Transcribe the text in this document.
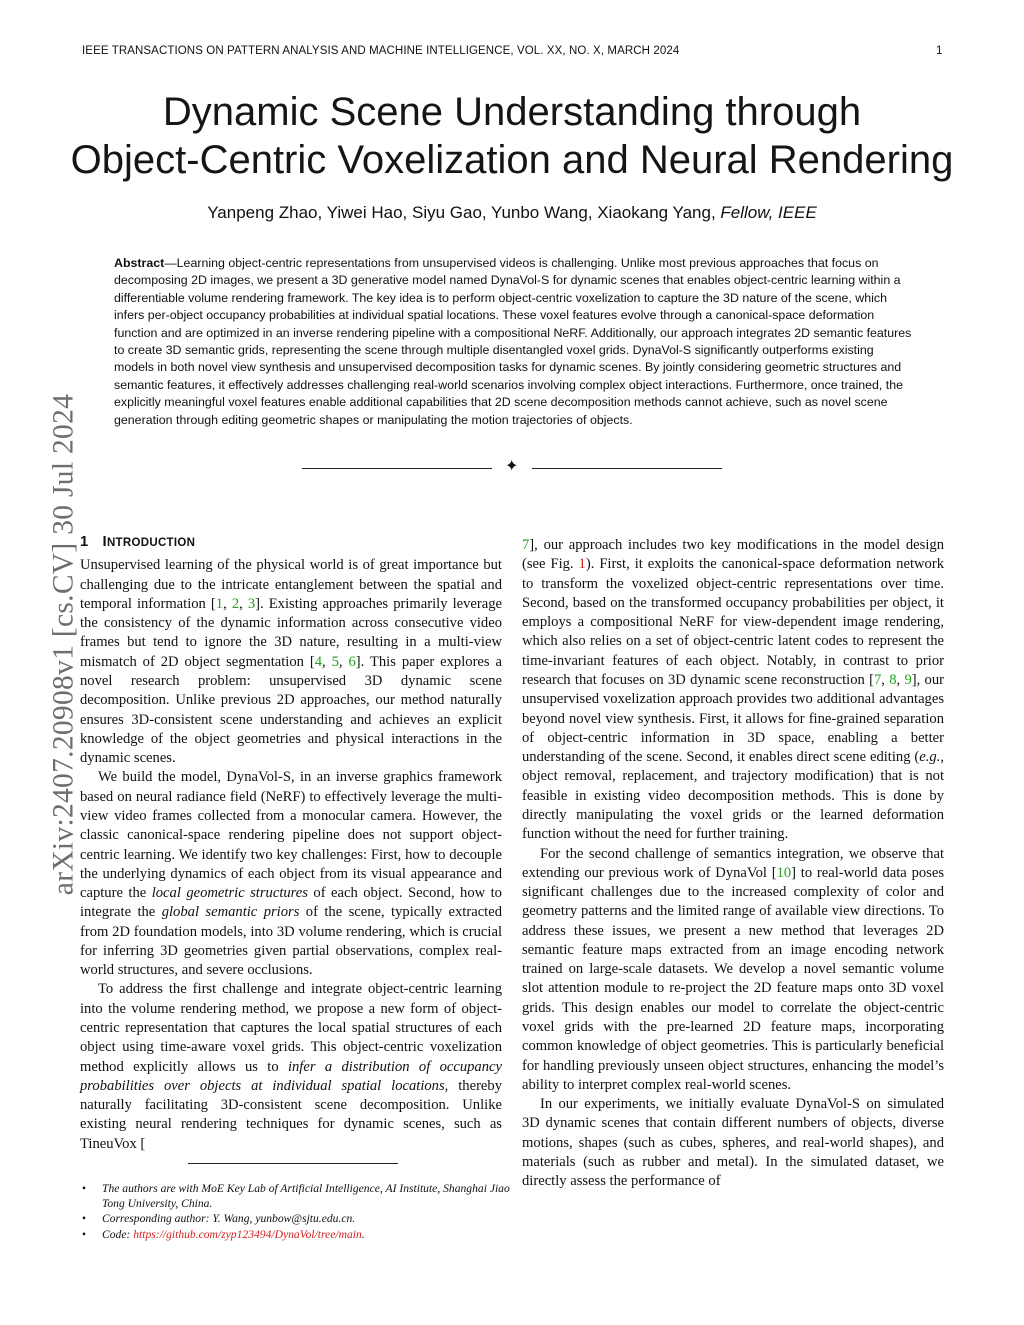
IEEE TRANSACTIONS ON PATTERN ANALYSIS AND MACHINE INTELLIGENCE, VOL. XX, NO. X, MARCH 2024	1
Dynamic Scene Understanding through
Object-Centric Voxelization and Neural Rendering
Yanpeng Zhao, Yiwei Hao, Siyu Gao, Yunbo Wang, Xiaokang Yang, Fellow, IEEE
Abstract—Learning object-centric representations from unsupervised videos is challenging. Unlike most previous approaches that focus on decomposing 2D images, we present a 3D generative model named DynaVol-S for dynamic scenes that enables object-centric learning within a differentiable volume rendering framework. The key idea is to perform object-centric voxelization to capture the 3D nature of the scene, which infers per-object occupancy probabilities at individual spatial locations. These voxel features evolve through a canonical-space deformation function and are optimized in an inverse rendering pipeline with a compositional NeRF. Additionally, our approach integrates 2D semantic features to create 3D semantic grids, representing the scene through multiple disentangled voxel grids. DynaVol-S significantly outperforms existing models in both novel view synthesis and unsupervised decomposition tasks for dynamic scenes. By jointly considering geometric structures and semantic features, it effectively addresses challenging real-world scenarios involving complex object interactions. Furthermore, once trained, the explicitly meaningful voxel features enable additional capabilities that 2D scene decomposition methods cannot achieve, such as novel scene generation through editing geometric shapes or manipulating the motion trajectories of objects.
✦
arXiv:2407.20908v1 [cs.CV] 30 Jul 2024 1 INTRODUCTION

Unsupervised learning of the physical world is of great importance but challenging due to the intricate entanglement between the spatial and temporal information [1, 2, 3]. Existing approaches primarily leverage the consistency of the dynamic information across consecutive video frames but tend to ignore the 3D nature, resulting in a multi-view mismatch of 2D object segmentation [4, 5, 6]. This paper explores a novel research problem: unsupervised 3D dynamic scene decomposition. Unlike previous 2D approaches, our method naturally ensures 3D-consistent scene understanding and achieves an explicit knowledge of the object geometries and physical interactions in the dynamic scenes.

We build the model, DynaVol-S, in an inverse graphics framework based on neural radiance field (NeRF) to effectively leverage the multi-view video frames collected from a monocular camera. However, the classic canonical-space rendering pipeline does not support object-centric learning. We identify two key challenges: First, how to decouple the underlying dynamics of each object from its visual appearance and capture the local geometric structures of each object. Second, how to integrate the global semantic priors of the scene, typically extracted from 2D foundation models, into 3D volume rendering, which is crucial for inferring 3D geometries given partial observations, complex real-world structures, and severe occlusions.

To address the first challenge and integrate object-centric learning into the volume rendering method, we propose a new form of object-centric representation that captures the local spatial structures of each object using time-aware voxel grids. This object-centric voxelization method explicitly allows us to infer a distribution of occupancy probabilities over objects at individual spatial locations, thereby naturally facilitating 3D-consistent scene decomposition. Unlike existing neural rendering techniques for dynamic scenes, such as TineuVox [

7], our approach includes two key modifications in the model design (see Fig. 1). First, it exploits the canonical-space deformation network to transform the voxelized object-centric representations over time. Second, based on the transformed occupancy probabilities per object, it employs a compositional NeRF for view-dependent image rendering, which also relies on a set of object-centric latent codes to represent the time-invariant features of each object. Notably, in contrast to prior research that focuses on 3D dynamic scene reconstruction [7, 8, 9], our unsupervised voxelization approach provides two additional advantages beyond novel view synthesis. First, it allows for fine-grained separation of object-centric information in 3D space, enabling a better understanding of the scene. Second, it enables direct scene editing (e.g., object removal, replacement, and trajectory modification) that is not feasible in existing video decomposition methods. This is done by directly manipulating the voxel grids or the learned deformation function without the need for further training.

For the second challenge of semantics integration, we observe that extending our previous work of DynaVol [10] to real-world data poses significant challenges due to the increased complexity of color and geometry patterns and the limited range of available view directions. To address these issues, we present a new method that leverages 2D semantic feature maps extracted from an image encoding network trained on large-scale datasets. We develop a novel semantic volume slot attention module to re-project the 2D feature maps onto 3D voxel grids. This design enables our model to correlate the object-centric voxel grids with the pre-learned 2D feature maps, incorporating common knowledge of object geometries. This is particularly beneficial for handling previously unseen object structures, enhancing the model’s ability to interpret complex real-world scenes.

In our experiments, we initially evaluate DynaVol-S on simulated 3D dynamic scenes that contain different numbers of objects, diverse motions, shapes (such as cubes, spheres, and real-world shapes), and materials (such as rubber and metal). In the simulated dataset, we directly assess the performance of

• The authors are with MoE Key Lab of Artificial Intelligence, AI Institute, Shanghai Jiao Tong University, China.
• Corresponding author: Y. Wang, yunbow@sjtu.edu.cn.
• Code: https://github.com/zyp123494/DynaVol/tree/main.
